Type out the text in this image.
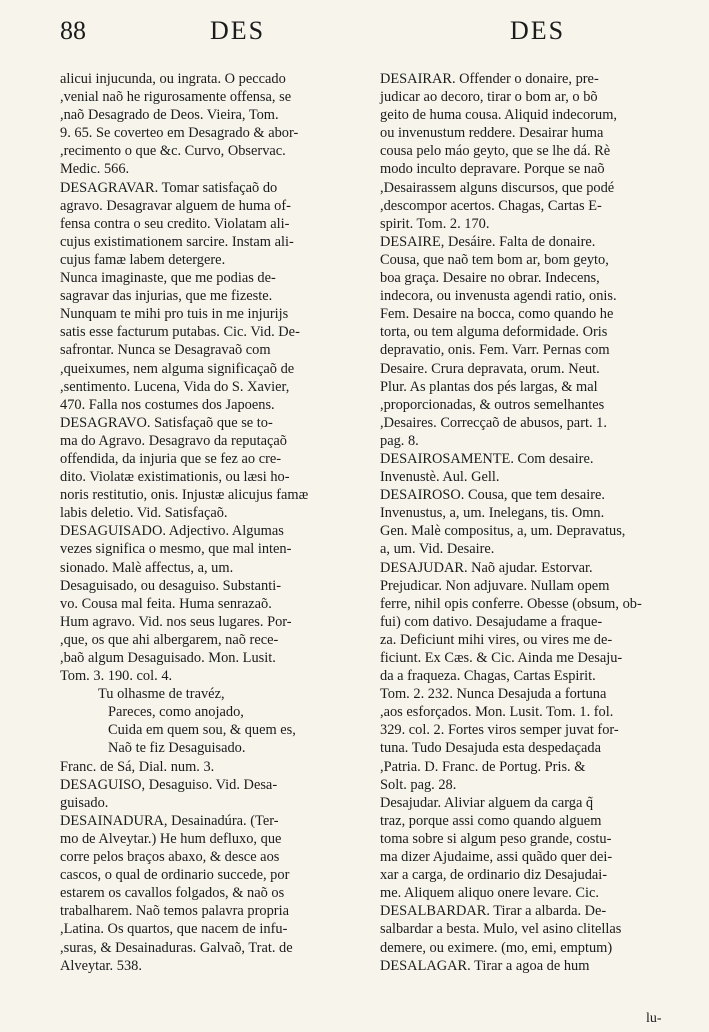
88	DES	DES

alicui injucunda, ou ingrata. O peccado

,venial naõ he rigurosamente offensa, se

,naõ Desagrado de Deos. Vieira, Tom.

9. 65. Se coverteo em Desagrado & abor-

,recimento o que &c. Curvo, Observac.

Medic. 566.

DESAGRAVAR. Tomar satisfaçaõ do

agravo. Desagravar alguem de huma of-

fensa contra o seu credito. Violatam ali-

cujus existimationem sarcire. Instam ali-

cujus famæ labem detergere.

Nunca imaginaste, que me podias de-

sagravar das injurias, que me fizeste.

Nunquam te mihi pro tuis in me injurijs

satis esse facturum putabas. Cic. Vid. De-

safrontar. Nunca se Desagravaõ com

,queixumes, nem alguma significaçaõ de

,sentimento. Lucena, Vida do S. Xavier,

470. Falla nos costumes dos Japoens.

DESAGRAVO. Satisfaçaõ que se to-

ma do Agravo. Desagravo da reputaçaõ

offendida, da injuria que se fez ao cre-

dito. Violatæ existimationis, ou læsi ho-

noris restitutio, onis. Injustæ alicujus famæ

labis deletio. Vid. Satisfaçaõ.

DESAGUISADO. Adjectivo. Algumas

vezes significa o mesmo, que mal inten-

sionado. Malè affectus, a, um.

Desaguisado, ou desaguiso. Substanti-

vo. Cousa mal feita. Huma senrazaõ.

Hum agravo. Vid. nos seus lugares. Por-

,que, os que ahi albergarem, naõ rece-

,baõ algum Desaguisado. Mon. Lusit.

Tom. 3. 190. col. 4.

Tu olhasme de travéz,

Pareces, como anojado,

Cuida em quem sou, & quem es,

Naõ te fiz Desaguisado.

Franc. de Sá, Dial. num. 3.

DESAGUISO, Desaguiso. Vid. Desa-

guisado.

DESAINADURA, Desainadúra. (Ter-

mo de Alveytar.) He hum defluxo, que

corre pelos braços abaxo, & desce aos

cascos, o qual de ordinario succede, por

estarem os cavallos folgados, & naõ os

trabalharem. Naõ temos palavra propria

,Latina. Os quartos, que nacem de infu-

,suras, & Desainaduras. Galvaõ, Trat. de

Alveytar. 538.

DESAIRAR. Offender o donaire, pre-

judicar ao decoro, tirar o bom ar, o bõ

geito de huma cousa. Aliquid indecorum,

ou invenustum reddere. Desairar huma

cousa pelo máo geyto, que se lhe dá. Rè

modo inculto depravare. Porque se naõ

,Desairassem alguns discursos, que podé

,descompor acertos. Chagas, Cartas E-

spirit. Tom. 2. 170.

DESAIRE, Desáire. Falta de donaire.

Cousa, que naõ tem bom ar, bom geyto,

boa graça. Desaire no obrar. Indecens,

indecora, ou invenusta agendi ratio, onis.

Fem. Desaire na bocca, como quando he

torta, ou tem alguma deformidade. Oris

depravatio, onis. Fem. Varr. Pernas com

Desaire. Crura depravata, orum. Neut.

Plur. As plantas dos pés largas, & mal

,proporcionadas, & outros semelhantes

,Desaires. Correcçaõ de abusos, part. 1.

pag. 8.

DESAIROSAMENTE. Com desaire.

Invenustè. Aul. Gell.

DESAIROSO. Cousa, que tem desaire.

Invenustus, a, um. Inelegans, tis. Omn.

Gen. Malè compositus, a, um. Depravatus,

a, um. Vid. Desaire.

DESAJUDAR. Naõ ajudar. Estorvar.

Prejudicar. Non adjuvare. Nullam opem

ferre, nihil opis conferre. Obesse (obsum, ob-

fui) com dativo. Desajudame a fraque-

za. Deficiunt mihi vires, ou vires me de-

ficiunt. Ex Cæs. & Cic. Ainda me Desaju-

da a fraqueza. Chagas, Cartas Espirit.

Tom. 2. 232. Nunca Desajuda a fortuna

,aos esforçados. Mon. Lusit. Tom. 1. fol.

329. col. 2. Fortes viros semper juvat for-

tuna. Tudo Desajuda esta despedaçada

,Patria. D. Franc. de Portug. Pris. &

Solt. pag. 28.

Desajudar. Aliviar alguem da carga q̃

traz, porque assi como quando alguem

toma sobre si algum peso grande, costu-

ma dizer Ajudaime, assi quãdo quer dei-

xar a carga, de ordinario diz Desajudai-

me. Aliquem aliquo onere levare. Cic.

DESALBARDAR. Tirar a albarda. De-

salbardar a besta. Mulo, vel asino clitellas

demere, ou eximere. (mo, emi, emptum)

DESALAGAR. Tirar a agoa de hum

lu-
